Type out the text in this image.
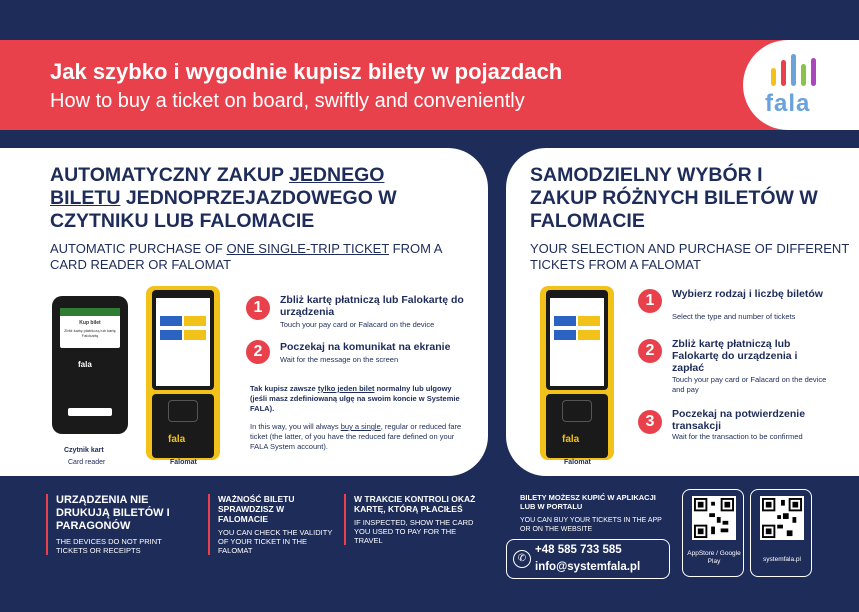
Jak szybko i wygodnie kupisz bilety w pojazdach
How to buy a ticket on board, swiftly and conveniently	fala
AUTOMATYCZNY ZAKUP JEDNEGO BILETU JEDNOPRZEJAZDOWEGO W CZYTNIKU LUB FALOMACIE
AUTOMATIC PURCHASE OF ONE SINGLE-TRIP TICKET FROM A CARD READER OR FALOMAT
Kup bilet
Zbliż kartę płatniczą lub kartę Falokartę
fala
Czytnik kart
Card reader
fala
Falomat
1	Zbliż kartę płatniczą lub Falokartę do urządzenia
Touch your pay card or Falacard on the device
2	Poczekaj na komunikat na ekranie
Wait for the message on the screen
Tak kupisz zawsze tylko jeden bilet normalny lub ulgowy (jeśli masz zdefiniowaną ulgę na swoim koncie w Systemie FALA).
In this way, you will always buy a single, regular or reduced fare ticket (the latter, of you have the reduced fare defined on your FALA System account).
SAMODZIELNY WYBÓR I ZAKUP RÓŻNYCH BILETÓW W FALOMACIE
YOUR SELECTION AND PURCHASE OF DIFFERENT TICKETS FROM A FALOMAT
fala
Falomat
1	Wybierz rodzaj i liczbę biletów
Select the type and number of tickets
2	Zbliż kartę płatniczą lub Falokartę do urządzenia i zapłać
Touch your pay card or Falacard on the device and pay
3	Poczekaj na potwierdzenie transakcji
Wait for the transaction to be confirmed
URZĄDZENIA NIE DRUKUJĄ BILETÓW I PARAGONÓW
THE DEVICES DO NOT PRINT TICKETS OR RECEIPTS
WAŻNOŚĆ BILETU SPRAWDZISZ W FALOMACIE
YOU CAN CHECK THE VALIDITY OF YOUR TICKET IN THE FALOMAT
W TRAKCIE KONTROLI OKAŻ KARTĘ, KTÓRĄ PŁACIŁEŚ
IF INSPECTED, SHOW THE CARD YOU USED TO PAY FOR THE TRAVEL
BILETY MOŻESZ KUPIĆ W APLIKACJI LUB W PORTALU
YOU CAN BUY YOUR TICKETS IN THE APP OR ON THE WEBSITE
✆
+48 585 733 585
info@systemfala.pl
AppStore / Google Play	systemfala.pl
